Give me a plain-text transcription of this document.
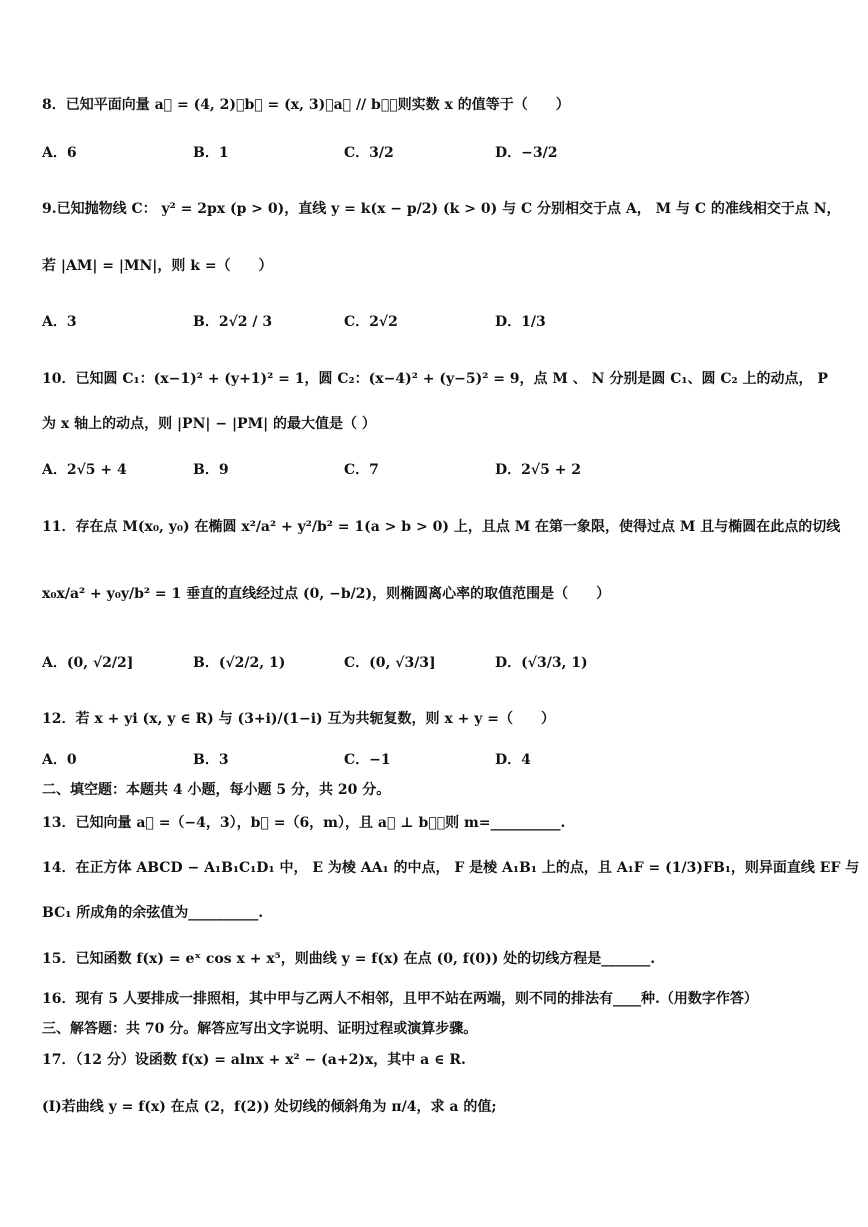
8．已知平面向量 a⃗ = (4, 2)，b⃗ = (x, 3)，a⃗ // b⃗，则实数 x 的值等于（　　）
A．6	B．1	C．3/2	D．−3/2
9.已知抛物线 C： y² = 2px (p > 0)，直线 y = k(x − p/2) (k > 0) 与 C 分别相交于点 A， M 与 C 的准线相交于点 N，
若 |AM| = |MN|，则 k =（　　）
A．3	B．2√2 / 3	C．2√2	D．1/3
10．已知圆 C₁：(x−1)² + (y+1)² = 1，圆 C₂：(x−4)² + (y−5)² = 9，点 M 、 N 分别是圆 C₁、圆 C₂ 上的动点， P
为 x 轴上的动点，则 |PN| − |PM| 的最大值是（ ）
A．2√5 + 4	B．9	C．7	D．2√5 + 2
11．存在点 M(x₀, y₀) 在椭圆 x²/a² + y²/b² = 1(a > b > 0) 上，且点 M 在第一象限，使得过点 M 且与椭圆在此点的切线
x₀x/a² + y₀y/b² = 1 垂直的直线经过点 (0, −b/2)，则椭圆离心率的取值范围是（　　）
A．(0, √2/2]	B．(√2/2, 1)	C．(0, √3/3]	D．(√3/3, 1)
12．若 x + yi (x, y ∈ R) 与 (3+i)/(1−i) 互为共轭复数，则 x + y =（　　）
A．0	B．3	C．−1	D．4
二、填空题：本题共 4 小题，每小题 5 分，共 20 分。
13．已知向量 a⃗ =（−4，3），b⃗ =（6，m），且 a⃗ ⊥ b⃗，则 m=__________.
14．在正方体 ABCD − A₁B₁C₁D₁ 中， E 为棱 AA₁ 的中点， F 是棱 A₁B₁ 上的点，且 A₁F = (1/3)FB₁，则异面直线 EF 与
BC₁ 所成角的余弦值为__________.
15．已知函数 f(x) = eˣ cos x + x⁵，则曲线 y = f(x) 在点 (0, f(0)) 处的切线方程是_______.
16．现有 5 人要排成一排照相，其中甲与乙两人不相邻，且甲不站在两端，则不同的排法有____种.（用数字作答）
三、解答题：共 70 分。解答应写出文字说明、证明过程或演算步骤。
17．（12 分）设函数 f(x) = alnx + x² − (a+2)x，其中 a ∈ R.
(I)若曲线 y = f(x) 在点 (2，f(2)) 处切线的倾斜角为 π/4，求 a 的值;
